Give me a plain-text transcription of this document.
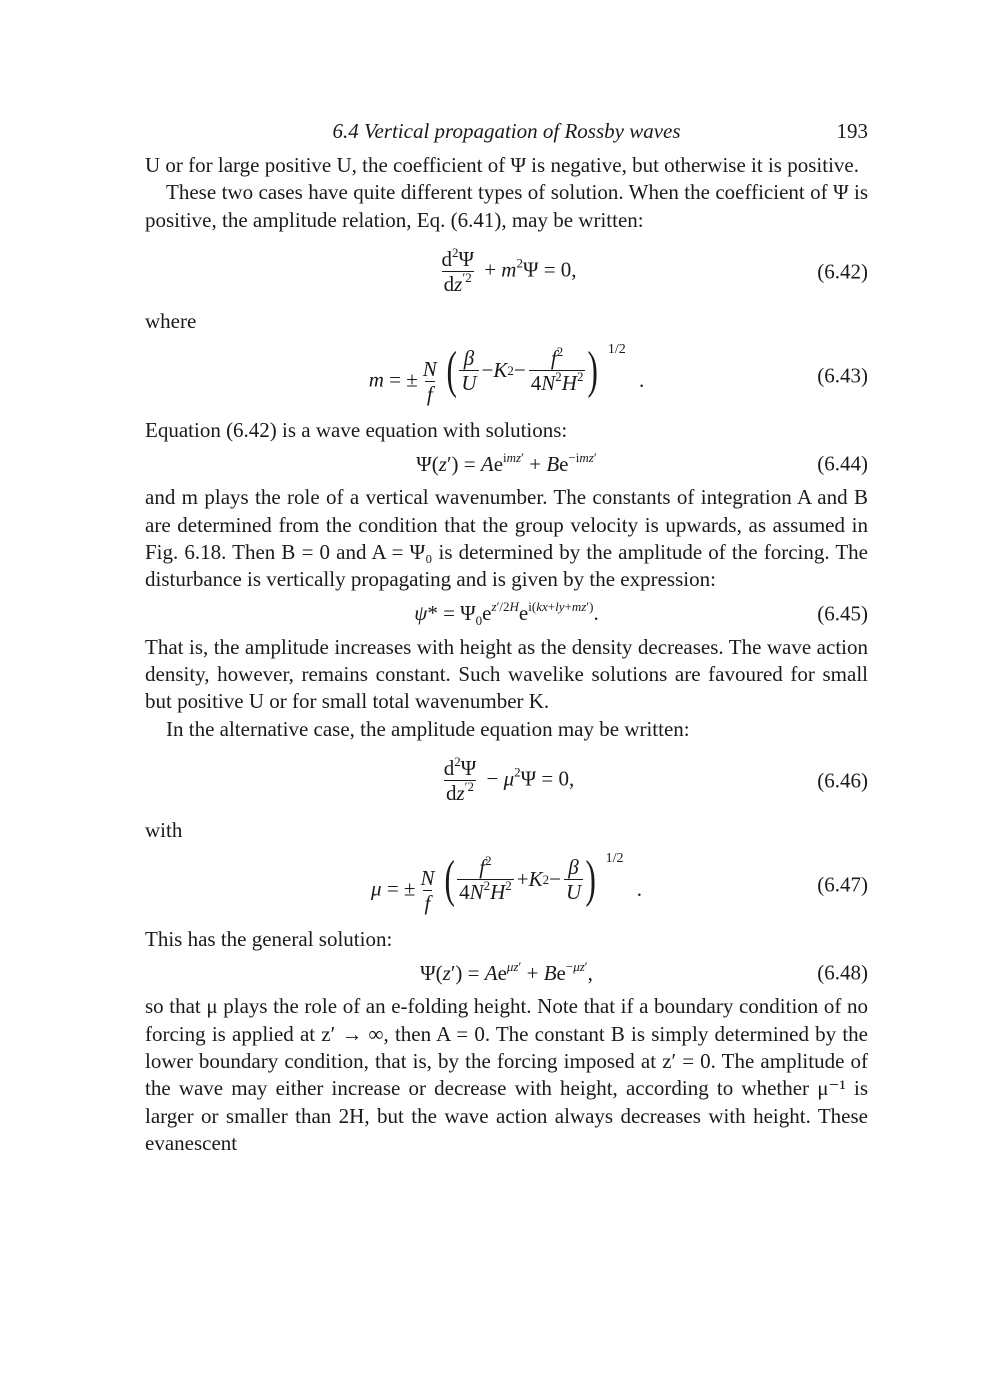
6.4 Vertical propagation of Rossby waves	193

U or for large positive U, the coefficient of Ψ is negative, but otherwise it is positive.

These two cases have quite different types of solution. When the coefficient of Ψ is positive, the amplitude relation, Eq. (6.41), may be written:

$\frac{d^2\Psi}{dz^{'2}} + m^2\Psi = 0$,	(6.42)

where

m = ± $\frac{N}{f}$
( $\frac{\beta}{U} - K$ $2 - \frac{f^2}{4N^2H^2}$ ) 1/2
.	(6.43)

Equation (6.42) is a wave equation with solutions:

$\Psi(z') = Ae^{imz'} + Be^{-imz'}$	(6.44)

and m plays the role of a vertical wavenumber. The constants of integration A and B are determined from the condition that the group velocity is upwards, as assumed in Fig. 6.18. Then B = 0 and A = Ψ₀ is determined by the amplitude of the forcing. The disturbance is vertically propagating and is given by the expression:

$\psi* = \Psi_0e^{z'/2H}e^{i(kx+ly+mz')}$.	(6.45)

That is, the amplitude increases with height as the density decreases. The wave action density, however, remains constant. Such wavelike solutions are favoured for small but positive U or for small total wavenumber K.

In the alternative case, the amplitude equation may be written:

$\frac{d^2\Psi}{dz^{'2}} - \mu^2\Psi = 0$,	(6.46)

with

μ = ± $\frac{N}{f}$
( $\frac{f^2}{4N^2H^2} + K$ $2 - \frac{\beta}{U}$ ) 1/2
.	(6.47)

This has the general solution:

$\Psi(z') = Ae^{\mu z'} + Be^{-\mu z'}$,	(6.48)

so that μ plays the role of an e-folding height. Note that if a boundary condition of no forcing is applied at z′ → ∞, then A = 0. The constant B is simply determined by the lower boundary condition, that is, by the forcing imposed at z′ = 0. The amplitude of the wave may either increase or decrease with height, according to whether μ⁻¹ is larger or smaller than 2H, but the wave action always decreases with height. These evanescent
